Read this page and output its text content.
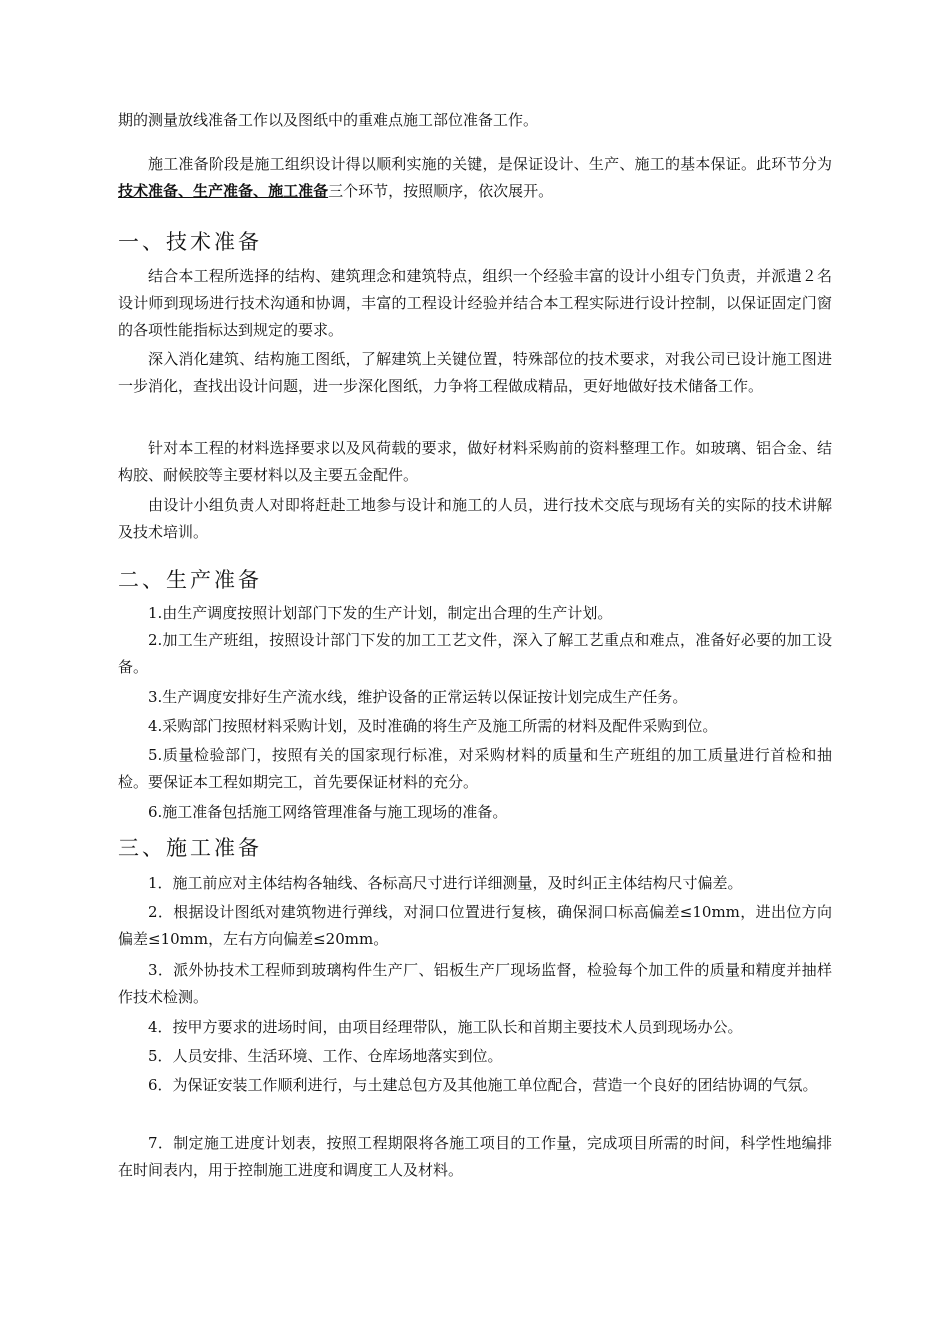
期的测量放线准备工作以及图纸中的重难点施工部位准备工作。

施工准备阶段是施工组织设计得以顺利实施的关键，是保证设计、生产、施工的基本保证。此环节分为技术准备、生产准备、施工准备三个环节，按照顺序，依次展开。

一、技术准备

结合本工程所选择的结构、建筑理念和建筑特点，组织一个经验丰富的设计小组专门负责，并派遣２名设计师到现场进行技术沟通和协调，丰富的工程设计经验并结合本工程实际进行设计控制，以保证固定门窗的各项性能指标达到规定的要求。

深入消化建筑、结构施工图纸，了解建筑上关键位置，特殊部位的技术要求，对我公司已设计施工图进一步消化，查找出设计问题，进一步深化图纸，力争将工程做成精品，更好地做好技术储备工作。

针对本工程的材料选择要求以及风荷载的要求，做好材料采购前的资料整理工作。如玻璃、铝合金、结构胶、耐候胶等主要材料以及主要五金配件。

由设计小组负责人对即将赶赴工地参与设计和施工的人员，进行技术交底与现场有关的实际的技术讲解及技术培训。

二、生产准备

1.由生产调度按照计划部门下发的生产计划，制定出合理的生产计划。

2.加工生产班组，按照设计部门下发的加工工艺文件，深入了解工艺重点和难点，准备好必要的加工设备。

3.生产调度安排好生产流水线，维护设备的正常运转以保证按计划完成生产任务。

4.采购部门按照材料采购计划，及时准确的将生产及施工所需的材料及配件采购到位。

5.质量检验部门，按照有关的国家现行标准，对采购材料的质量和生产班组的加工质量进行首检和抽检。要保证本工程如期完工，首先要保证材料的充分。

6.施工准备包括施工网络管理准备与施工现场的准备。

三、施工准备

1．施工前应对主体结构各轴线、各标高尺寸进行详细测量，及时纠正主体结构尺寸偏差。

2．根据设计图纸对建筑物进行弹线，对洞口位置进行复核，确保洞口标高偏差≤10mm，进出位方向偏差≤10mm，左右方向偏差≤20mm。

3．派外协技术工程师到玻璃构件生产厂、铝板生产厂现场监督，检验每个加工件的质量和精度并抽样作技术检测。

4．按甲方要求的进场时间，由项目经理带队，施工队长和首期主要技术人员到现场办公。

5．人员安排、生活环境、工作、仓库场地落实到位。

6．为保证安装工作顺利进行，与土建总包方及其他施工单位配合，营造一个良好的团结协调的气氛。

7．制定施工进度计划表，按照工程期限将各施工项目的工作量，完成项目所需的时间，科学性地编排在时间表内，用于控制施工进度和调度工人及材料。
